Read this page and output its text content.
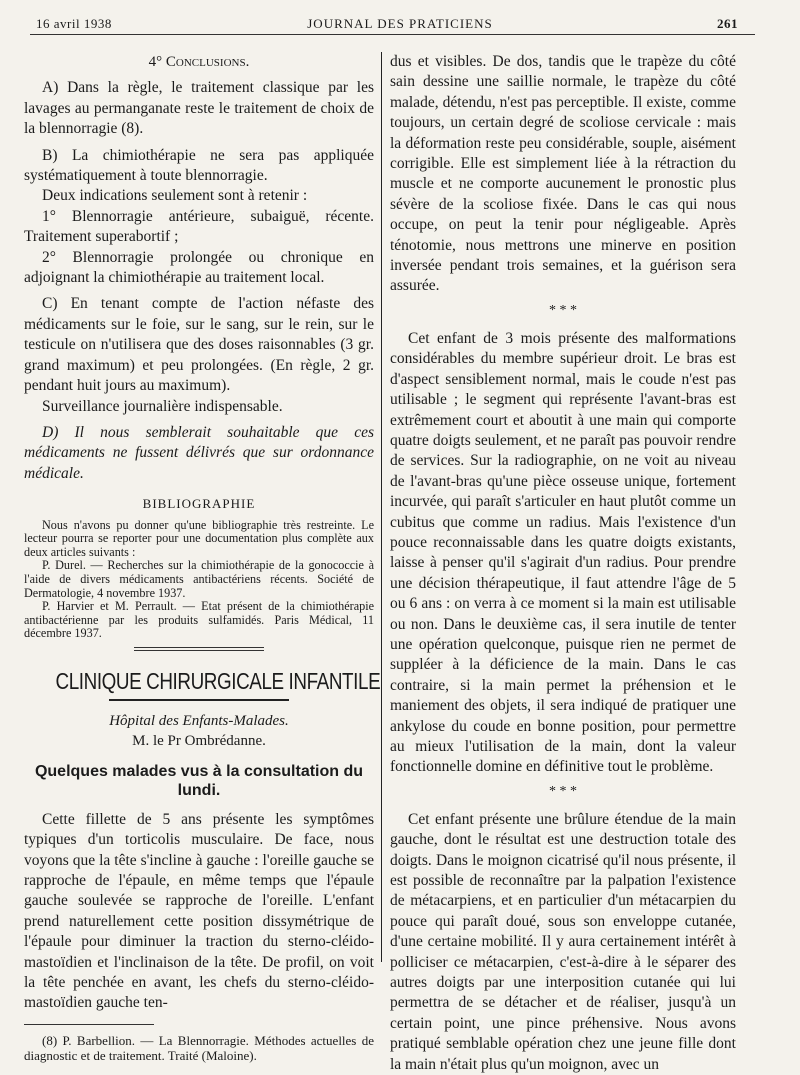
16 avril 1938	JOURNAL DES PRATICIENS	261

4° Conclusions.

A) Dans la règle, le traitement classique par les lavages au permanganate reste le traitement de choix de la blennorragie (8).

B) La chimiothérapie ne sera pas appliquée systématiquement à toute blennorragie.

Deux indications seulement sont à retenir :

1° Blennorragie antérieure, subaiguë, récente. Traitement superabortif ;

2° Blennorragie prolongée ou chronique en adjoignant la chimiothérapie au traitement local.

C) En tenant compte de l'action néfaste des médicaments sur le foie, sur le sang, sur le rein, sur le testicule on n'utilisera que des doses raisonnables (3 gr. grand maximum) et peu prolongées. (En règle, 2 gr. pendant huit jours au maximum).

Surveillance journalière indispensable.

D) Il nous semblerait souhaitable que ces médicaments ne fussent délivrés que sur ordonnance médicale.

BIBLIOGRAPHIE

Nous n'avons pu donner qu'une bibliographie très restreinte. Le lecteur pourra se reporter pour une documentation plus complète aux deux articles suivants :

P. Durel. — Recherches sur la chimiothérapie de la gonococcie à l'aide de divers médicaments antibactériens récents. Société de Dermatologie, 4 novembre 1937.

P. Harvier et M. Perrault. — Etat présent de la chimiothérapie antibactérienne par les produits sulfamidés. Paris Médical, 11 décembre 1937.

CLINIQUE CHIRURGICALE INFANTILE

Hôpital des Enfants-Malades.

M. le Pr Ombrédanne.

Quelques malades vus à la consultation du lundi.

Cette fillette de 5 ans présente les symptômes typiques d'un torticolis musculaire. De face, nous voyons que la tête s'incline à gauche : l'oreille gauche se rapproche de l'épaule, en même temps que l'épaule gauche soulevée se rapproche de l'oreille. L'enfant prend naturellement cette position dissymétrique de l'épaule pour diminuer la traction du sterno-cléido-mastoïdien et l'inclinaison de la tête. De profil, on voit la tête penchée en avant, les chefs du sterno-cléido-mastoïdien gauche ten-

(8) P. Barbellion. — La Blennorragie. Méthodes actuelles de diagnostic et de traitement. Traité (Maloine).

dus et visibles. De dos, tandis que le trapèze du côté sain dessine une saillie normale, le trapèze du côté malade, détendu, n'est pas perceptible. Il existe, comme toujours, un certain degré de scoliose cervicale : mais la déformation reste peu considérable, souple, aisément corrigible. Elle est simplement liée à la rétraction du muscle et ne comporte aucunement le pronostic plus sévère de la scoliose fixée. Dans le cas qui nous occupe, on peut la tenir pour négligeable. Après ténotomie, nous mettrons une minerve en position inversée pendant trois semaines, et la guérison sera assurée.

* * *

Cet enfant de 3 mois présente des malformations considérables du membre supérieur droit. Le bras est d'aspect sensiblement normal, mais le coude n'est pas utilisable ; le segment qui représente l'avant-bras est extrêmement court et aboutit à une main qui comporte quatre doigts seulement, et ne paraît pas pouvoir rendre de services. Sur la radiographie, on ne voit au niveau de l'avant-bras qu'une pièce osseuse unique, fortement incurvée, qui paraît s'articuler en haut plutôt comme un cubitus que comme un radius. Mais l'existence d'un pouce reconnaissable dans les quatre doigts existants, laisse à penser qu'il s'agirait d'un radius. Pour prendre une décision thérapeutique, il faut attendre l'âge de 5 ou 6 ans : on verra à ce moment si la main est utilisable ou non. Dans le deuxième cas, il sera inutile de tenter une opération quelconque, puisque rien ne permet de suppléer à la déficience de la main. Dans le cas contraire, si la main permet la préhension et le maniement des objets, il sera indiqué de pratiquer une ankylose du coude en bonne position, pour permettre au mieux l'utilisation de la main, dont la valeur fonctionnelle domine en définitive tout le problème.

* * *

Cet enfant présente une brûlure étendue de la main gauche, dont le résultat est une destruction totale des doigts. Dans le moignon cicatrisé qu'il nous présente, il est possible de reconnaître par la palpation l'existence de métacarpiens, et en particulier d'un métacarpien du pouce qui paraît doué, sous son enveloppe cutanée, d'une certaine mobilité. Il y aura certainement intérêt à polliciser ce métacarpien, c'est-à-dire à le séparer des autres doigts par une interposition cutanée qui lui permettra de se détacher et de réaliser, jusqu'à un certain point, une pince préhensive. Nous avons pratiqué semblable opération chez une jeune fille dont la main n'était plus qu'un moignon, avec un
